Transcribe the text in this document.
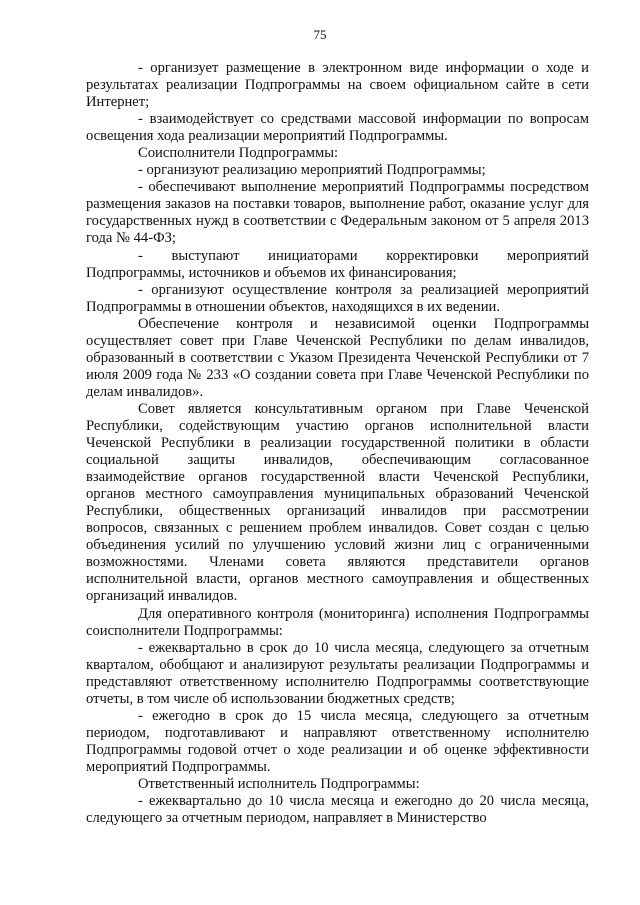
75

- организует размещение в электронном виде информации о ходе и результатах реализации Подпрограммы на своем официальном сайте в сети Интернет;

- взаимодействует со средствами массовой информации по вопросам освещения хода реализации мероприятий Подпрограммы.

Соисполнители Подпрограммы:

- организуют реализацию мероприятий Подпрограммы;

- обеспечивают выполнение мероприятий Подпрограммы посредством размещения заказов на поставки товаров, выполнение работ, оказание услуг для государственных нужд в соответствии с Федеральным законом от 5 апреля 2013 года № 44-ФЗ;

- выступают инициаторами корректировки мероприятий Подпрограммы, источников и объемов их финансирования;

- организуют осуществление контроля за реализацией мероприятий Подпрограммы в отношении объектов, находящихся в их ведении.

Обеспечение контроля и независимой оценки Подпрограммы осуществляет совет при Главе Чеченской Республики по делам инвалидов, образованный в соответствии с Указом Президента Чеченской Республики от 7 июля 2009 года № 233 «О создании совета при Главе Чеченской Республики по делам инвалидов».

Совет является консультативным органом при Главе Чеченской Республики, содействующим участию органов исполнительной власти Чеченской Республики в реализации государственной политики в области социальной защиты инвалидов, обеспечивающим согласованное взаимодействие органов государственной власти Чеченской Республики, органов местного самоуправления муниципальных образований Чеченской Республики, общественных организаций инвалидов при рассмотрении вопросов, связанных с решением проблем инвалидов. Совет создан с целью объединения усилий по улучшению условий жизни лиц с ограниченными возможностями. Членами совета являются представители органов исполнительной власти, органов местного самоуправления и общественных организаций инвалидов.

Для оперативного контроля (мониторинга) исполнения Подпрограммы соисполнители Подпрограммы:

- ежеквартально в срок до 10 числа месяца, следующего за отчетным кварталом, обобщают и анализируют результаты реализации Подпрограммы и представляют ответственному исполнителю Подпрограммы соответствующие отчеты, в том числе об использовании бюджетных средств;

- ежегодно в срок до 15 числа месяца, следующего за отчетным периодом, подготавливают и направляют ответственному исполнителю Подпрограммы годовой отчет о ходе реализации и об оценке эффективности мероприятий Подпрограммы.

Ответственный исполнитель Подпрограммы:

- ежеквартально до 10 числа месяца и ежегодно до 20 числа месяца, следующего за отчетным периодом, направляет в Министерство
